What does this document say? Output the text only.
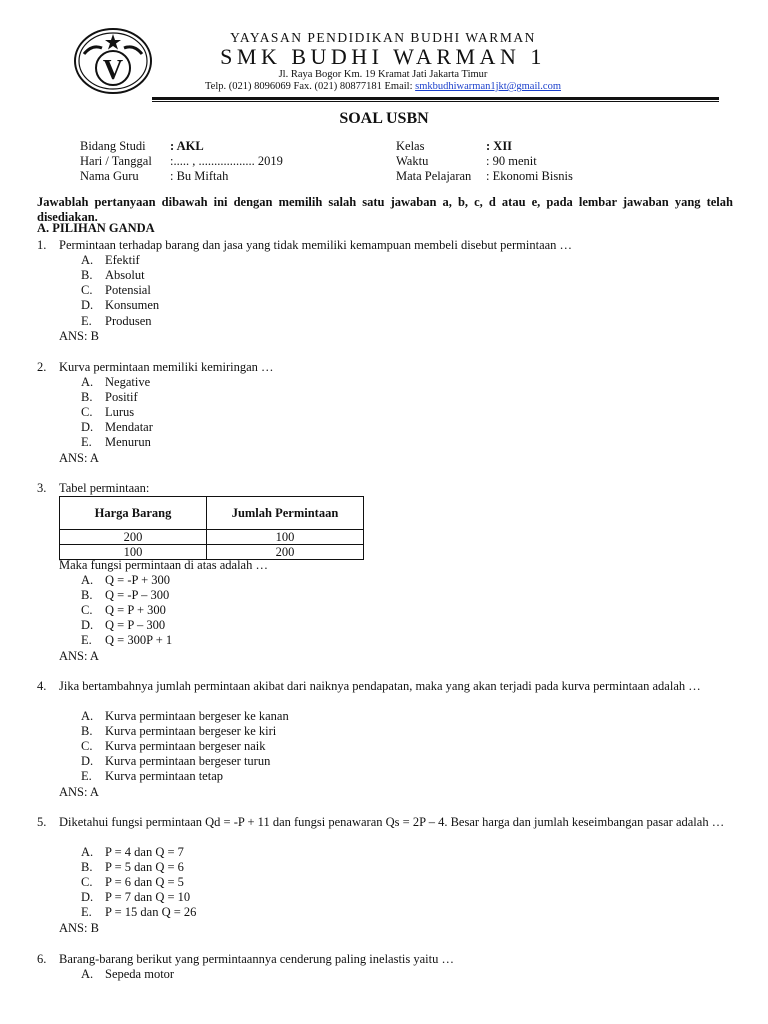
V
YAYASAN PENDIDIKAN BUDHI WARMAN
SMK BUDHI WARMAN 1
Jl. Raya Bogor Km. 19 Kramat Jati Jakarta Timur
Telp. (021) 8096069 Fax. (021) 80877181 Email: smkbudhiwarman1jkt@gmail.com
SOAL USBN
Bidang Studi : AKL
Hari / Tanggal :..... , .................. 2019
Nama Guru	: Bu Miftah
Kelas	: XII
Waktu	: 90 menit
Mata Pelajaran : Ekonomi Bisnis
Jawablah pertanyaan dibawah ini dengan memilih salah satu jawaban a, b, c, d atau e, pada lembar jawaban yang telah disediakan.
A. PILIHAN GANDA
1.	Permintaan terhadap barang dan jasa yang tidak memiliki kemampuan membeli disebut permintaan …
A. Efektif
B. Absolut
C. Potensial
D. Konsumen
E. Produsen
ANS: B
2.	Kurva permintaan memiliki kemiringan …
A. Negative
B. Positif
C. Lurus
D. Mendatar
E. Menurun
ANS: A
3.	Tabel permintaan:
Harga Barang	Jumlah Permintaan
200	100
100	200
Maka fungsi permintaan di atas adalah …
A. Q = -P + 300
B. Q = -P – 300
C. Q = P + 300
D. Q = P – 300
E. Q = 300P + 1
ANS: A
4.	Jika bertambahnya jumlah permintaan akibat dari naiknya pendapatan, maka yang akan terjadi pada kurva permintaan adalah …
A. Kurva permintaan bergeser ke kanan
B. Kurva permintaan bergeser ke kiri
C. Kurva permintaan bergeser naik
D. Kurva permintaan bergeser turun
E. Kurva permintaan tetap
ANS: A
5.	Diketahui fungsi permintaan Qd = -P + 11 dan fungsi penawaran Qs = 2P – 4. Besar harga dan jumlah keseimbangan pasar adalah …
A. P = 4 dan Q = 7
B. P = 5 dan Q = 6
C. P = 6 dan Q = 5
D. P = 7 dan Q = 10
E. P = 15 dan Q = 26
ANS: B
6.	Barang-barang berikut yang permintaannya cenderung paling inelastis yaitu …
A. Sepeda motor
